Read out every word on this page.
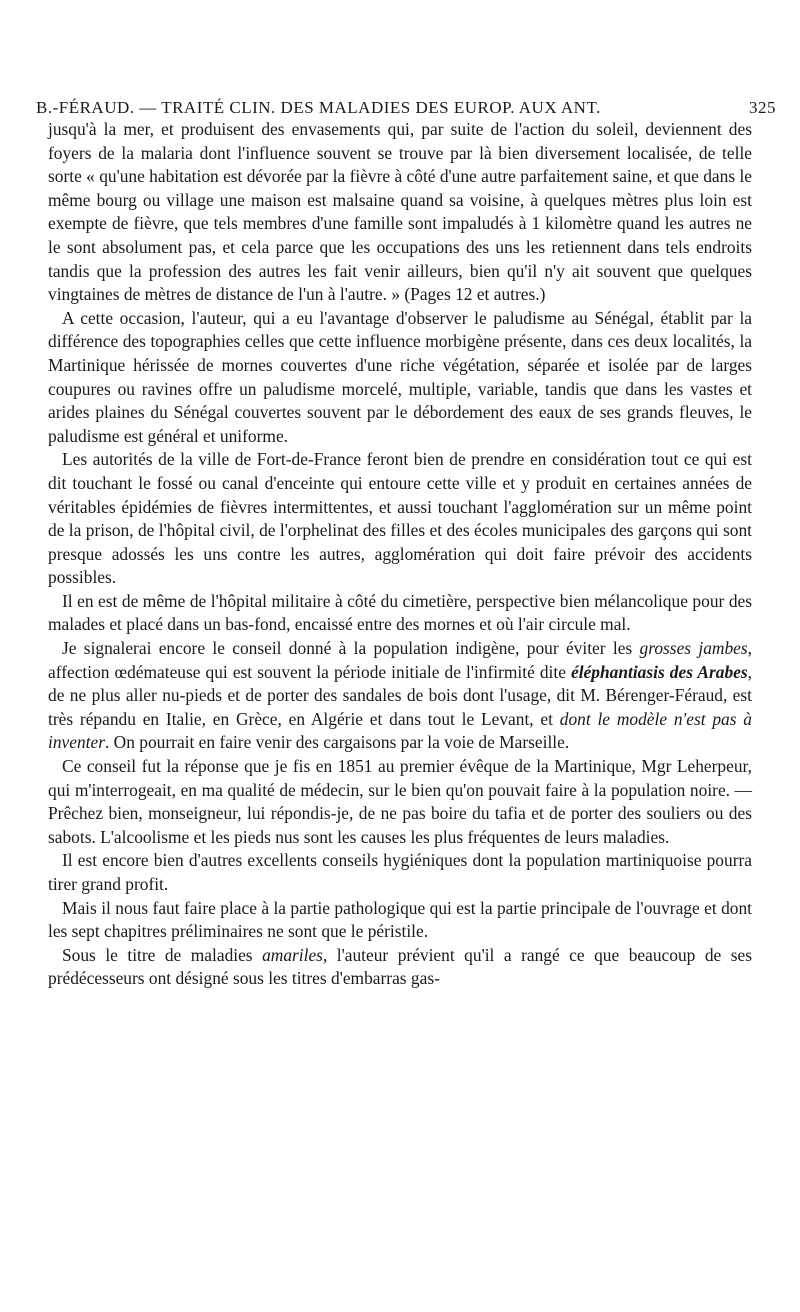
B.-FÉRAUD. — TRAITÉ CLIN. DES MALADIES DES EUROP. AUX ANT.	325

jusqu'à la mer, et produisent des envasements qui, par suite de l'action du soleil, deviennent des foyers de la malaria dont l'influence souvent se trouve par là bien diversement localisée, de telle sorte « qu'une habitation est dévorée par la fièvre à côté d'une autre parfaitement saine, et que dans le même bourg ou village une maison est malsaine quand sa voisine, à quelques mètres plus loin est exempte de fièvre, que tels membres d'une famille sont impaludés à 1 kilomètre quand les autres ne le sont absolument pas, et cela parce que les occupations des uns les retiennent dans tels endroits tandis que la profession des autres les fait venir ailleurs, bien qu'il n'y ait souvent que quelques vingtaines de mètres de distance de l'un à l'autre. » (Pages 12 et autres.)

A cette occasion, l'auteur, qui a eu l'avantage d'observer le paludisme au Sénégal, établit par la différence des topographies celles que cette influence morbigène présente, dans ces deux localités, la Martinique hérissée de mornes couvertes d'une riche végétation, séparée et isolée par de larges coupures ou ravines offre un paludisme morcelé, multiple, variable, tandis que dans les vastes et arides plaines du Sénégal couvertes souvent par le débordement des eaux de ses grands fleuves, le paludisme est général et uniforme.

Les autorités de la ville de Fort-de-France feront bien de prendre en considération tout ce qui est dit touchant le fossé ou canal d'enceinte qui entoure cette ville et y produit en certaines années de véritables épidémies de fièvres intermittentes, et aussi touchant l'agglomération sur un même point de la prison, de l'hôpital civil, de l'orphelinat des filles et des écoles municipales des garçons qui sont presque adossés les uns contre les autres, agglomération qui doit faire prévoir des accidents possibles.

Il en est de même de l'hôpital militaire à côté du cimetière, perspective bien mélancolique pour des malades et placé dans un bas-fond, encaissé entre des mornes et où l'air circule mal.

Je signalerai encore le conseil donné à la population indigène, pour éviter les grosses jambes, affection œdémateuse qui est souvent la période initiale de l'infirmité dite éléphantiasis des Arabes, de ne plus aller nu-pieds et de porter des sandales de bois dont l'usage, dit M. Bérenger-Féraud, est très répandu en Italie, en Grèce, en Algérie et dans tout le Levant, et dont le modèle n'est pas à inventer. On pourrait en faire venir des cargaisons par la voie de Marseille.

Ce conseil fut la réponse que je fis en 1851 au premier évêque de la Martinique, Mgr Leherpeur, qui m'interrogeait, en ma qualité de médecin, sur le bien qu'on pouvait faire à la population noire. — Prêchez bien, monseigneur, lui répondis-je, de ne pas boire du tafia et de porter des souliers ou des sabots. L'alcoolisme et les pieds nus sont les causes les plus fréquentes de leurs maladies.

Il est encore bien d'autres excellents conseils hygiéniques dont la population martiniquoise pourra tirer grand profit.

Mais il nous faut faire place à la partie pathologique qui est la partie principale de l'ouvrage et dont les sept chapitres préliminaires ne sont que le péristile.

Sous le titre de maladies amariles, l'auteur prévient qu'il a rangé ce que beaucoup de ses prédécesseurs ont désigné sous les titres d'embarras gas-
